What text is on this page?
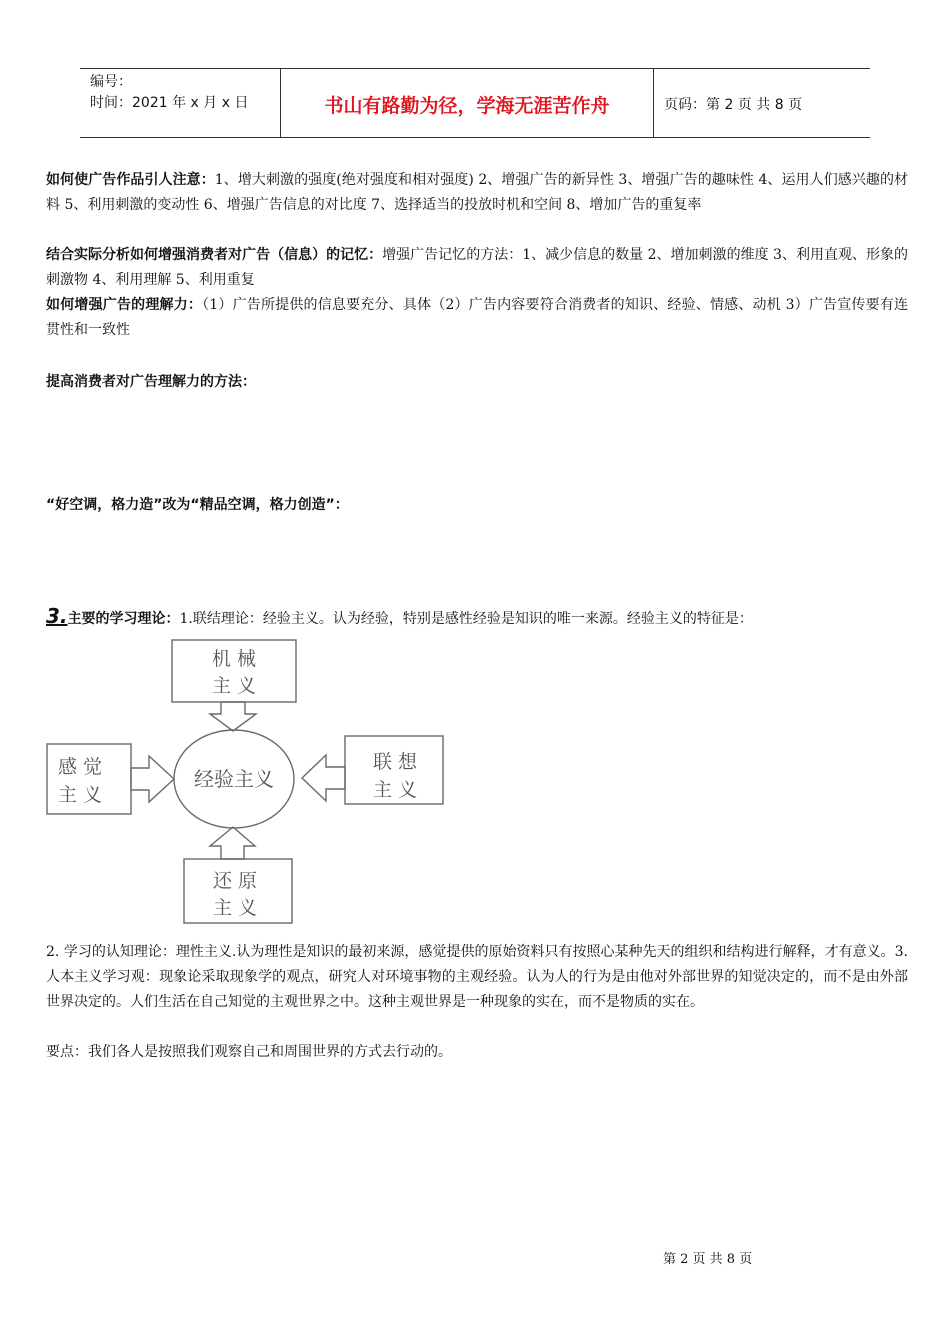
编号：
时间：2021 年 x 月 x 日	书山有路勤为径，学海无涯苦作舟	页码：第 2 页 共 8 页
如何使广告作品引人注意：1、增大刺激的强度(绝对强度和相对强度) 2、增强广告的新异性 3、增强广告的趣味性 4、运用人们感兴趣的材料 5、利用刺激的变动性 6、增强广告信息的对比度 7、选择适当的投放时机和空间 8、增加广告的重复率
结合实际分析如何增强消费者对广告（信息）的记忆：增强广告记忆的方法：1、减少信息的数量 2、增加刺激的维度 3、利用直观、形象的刺激物 4、利用理解 5、利用重复
如何增强广告的理解力：（1）广告所提供的信息要充分、具体（2）广告内容要符合消费者的知识、经验、情感、动机 3）广告宣传要有连贯性和一致性
提高消费者对广告理解力的方法：
“好空调，格力造”改为“精品空调，格力创造”：
3.主要的学习理论：1.联结理论：经验主义。认为经验，特别是感性经验是知识的唯一来源。经验主义的特征是：
机 械
主 义
感 觉
主 义
联 想
主 义
还 原
主 义
经验主义
2. 学习的认知理论：理性主义.认为理性是知识的最初来源，感觉提供的原始资料只有按照心某种先天的组织和结构进行解释，才有意义。3.人本主义学习观：现象论采取现象学的观点，研究人对环境事物的主观经验。认为人的行为是由他对外部世界的知觉决定的，而不是由外部世界决定的。人们生活在自己知觉的主观世界之中。这种主观世界是一种现象的实在，而不是物质的实在。
要点：我们各人是按照我们观察自己和周围世界的方式去行动的。
第 2 页 共 8 页
